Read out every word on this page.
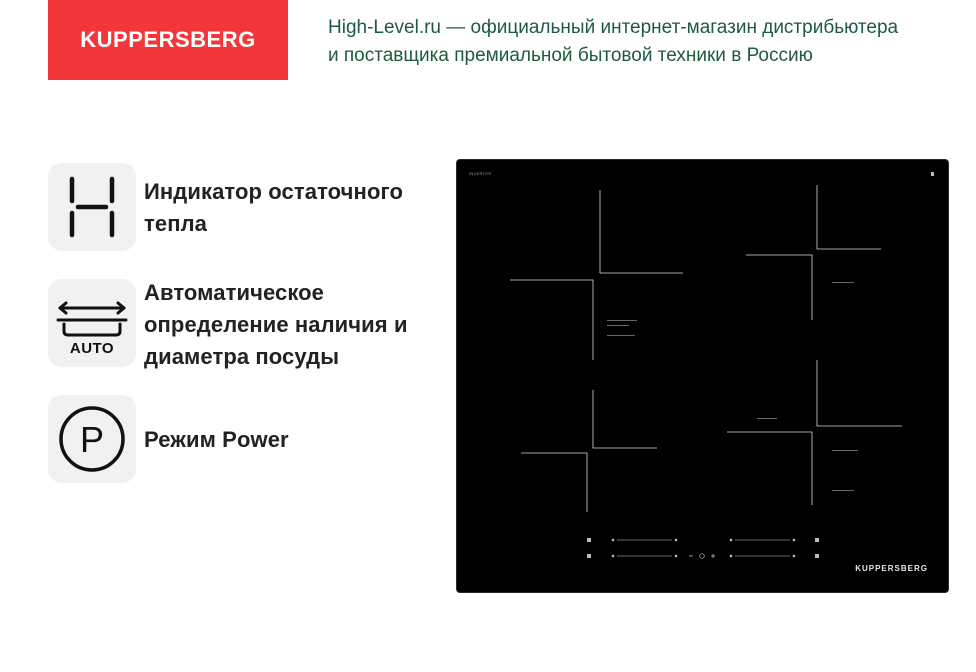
KUPPERSBERG	High-Level.ru — официальный интернет-магазин дистрибьютера
и поставщика премиальной бытовой техники в Россию
Индикатор остаточного
тепла
AUTO
Автоматическое
определение наличия и
диаметра посуды
P Режим Power
INVERTER
KUPPERSBERG
